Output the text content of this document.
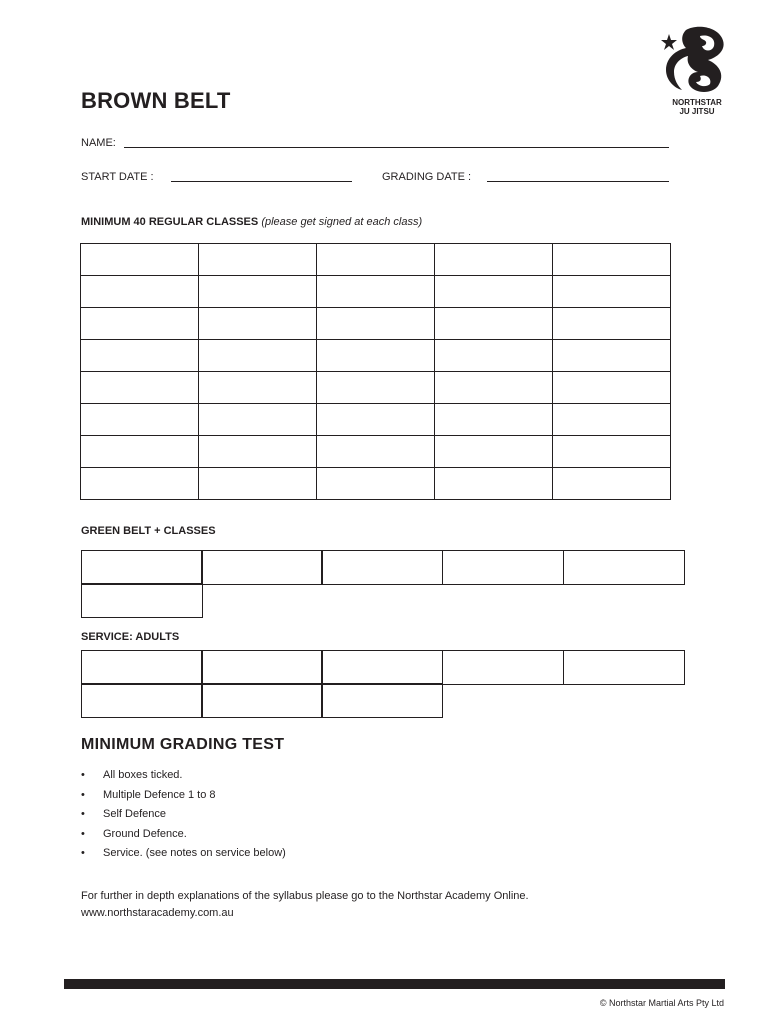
BROWN BELT	NORTHSTAR
JU JITSU
NAME:
START DATE :	GRADING DATE :
MINIMUM 40 REGULAR CLASSES (please get signed at each class)

GREEN BELT + CLASSES
SERVICE: ADULTS
MINIMUM GRADING TEST
• All boxes ticked.
• Multiple Defence 1 to 8
• Self Defence
• Ground Defence.
• Service. (see notes on service below)
For further in depth explanations of the syllabus please go to the Northstar Academy Online.
www.northstaracademy.com.au
© Northstar Martial Arts Pty Ltd
